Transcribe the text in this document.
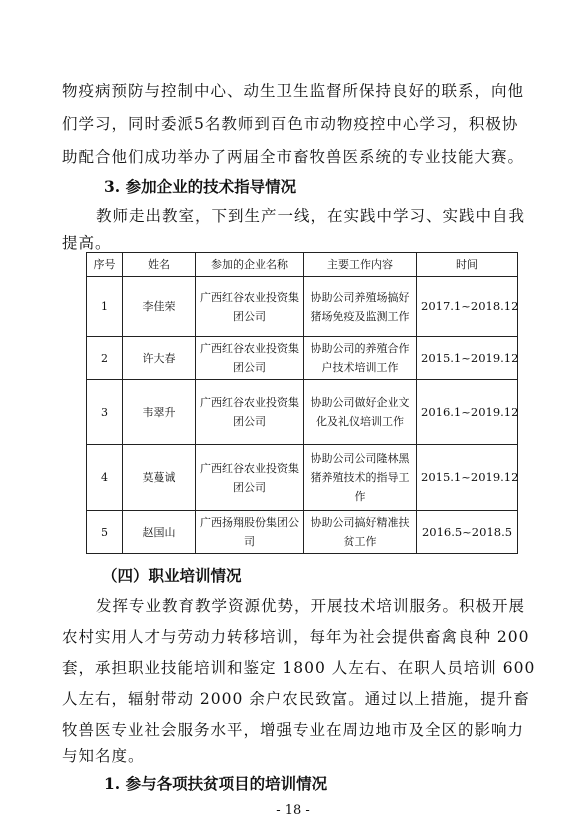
物疫病预防与控制中心、动生卫生监督所保持良好的联系，向他
们学习，同时委派5名教师到百色市动物疫控中心学习，积极协
助配合他们成功举办了两届全市畜牧兽医系统的专业技能大赛。
3. 参加企业的技术指导情况
教师走出教室，下到生产一线，在实践中学习、实践中自我
提高。
序号	姓名	参加的企业名称	主要工作内容	时间
1	李佳荣	广西红谷农业投资集团公司	协助公司养殖场搞好猪场免疫及监测工作	2017.1~2018.12
2	许大春	广西红谷农业投资集团公司	协助公司的养殖合作户技术培训工作	2015.1~2019.12
3	韦翠升	广西红谷农业投资集团公司	协助公司做好企业文化及礼仪培训工作	2016.1~2019.12
4	莫蔓诚	广西红谷农业投资集团公司	协助公司公司隆林黑猪养殖技术的指导工作	2015.1~2019.12
5	赵国山	广西扬翔股份集团公司	协助公司搞好精准扶贫工作	2016.5~2018.5
（四）职业培训情况
发挥专业教育教学资源优势，开展技术培训服务。积极开展
农村实用人才与劳动力转移培训，每年为社会提供畜禽良种 200
套，承担职业技能培训和鉴定 1800 人左右、在职人员培训 600
人左右，辐射带动 2000 余户农民致富。通过以上措施，提升畜
牧兽医专业社会服务水平，增强专业在周边地市及全区的影响力
与知名度。
1. 参与各项扶贫项目的培训情况
- 18 -
